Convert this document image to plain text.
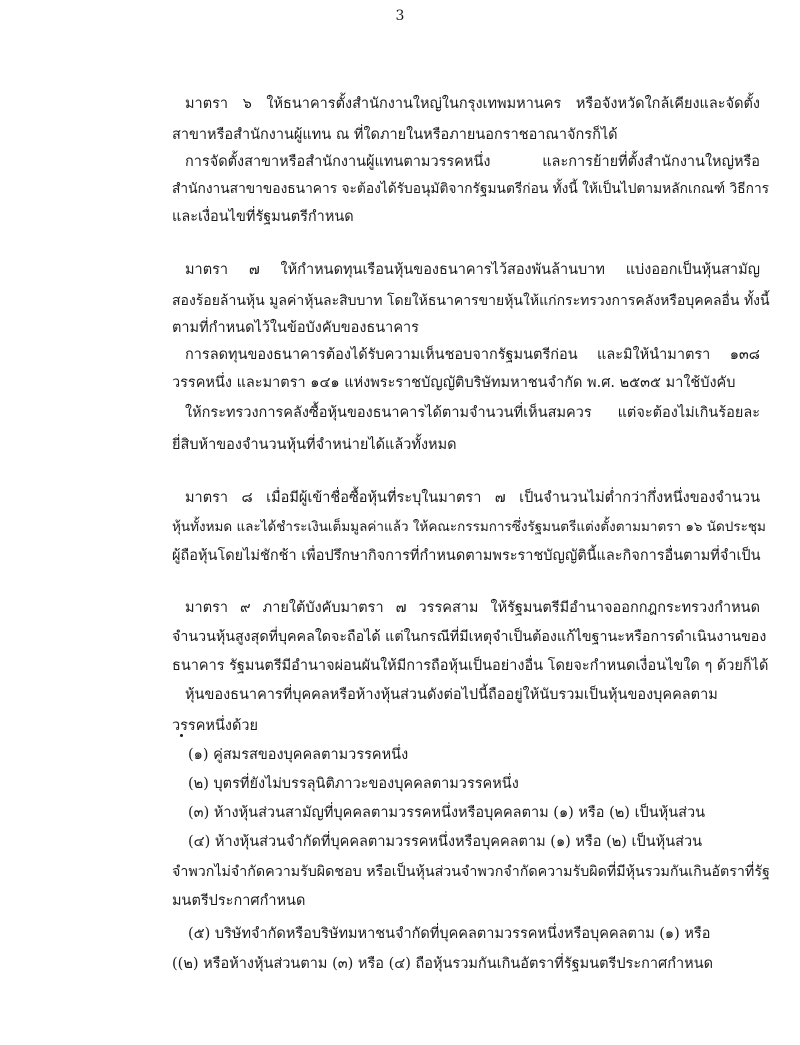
3
มาตรา ๖ ให้ธนาคารตั้งสำนักงานใหญ่ในกรุงเทพมหานคร หรือจังหวัดใกล้เคียงและจัดตั้ง
สาขาหรือสำนักงานผู้แทน ณ ที่ใดภายในหรือภายนอกราชอาณาจักรก็ได้
การจัดตั้งสาขาหรือสำนักงานผู้แทนตามวรรคหนึ่ง และการย้ายที่ตั้งสำนักงานใหญ่หรือ
สำนักงานสาขาของธนาคาร จะต้องได้รับอนุมัติจากรัฐมนตรีก่อน ทั้งนี้ ให้เป็นไปตามหลักเกณฑ์ วิธีการ
และเงื่อนไขที่รัฐมนตรีกำหนด
มาตรา ๗ ให้กำหนดทุนเรือนหุ้นของธนาคารไว้สองพันล้านบาท แบ่งออกเป็นหุ้นสามัญ
สองร้อยล้านหุ้น มูลค่าหุ้นละสิบบาท โดยให้ธนาคารขายหุ้นให้แก่กระทรวงการคลังหรือบุคคลอื่น ทั้งนี้
ตามที่กำหนดไว้ในข้อบังคับของธนาคาร
การลดทุนของธนาคารต้องได้รับความเห็นชอบจากรัฐมนตรีก่อน และมิให้นำมาตรา ๑๓๘
วรรคหนึ่ง และมาตรา ๑๔๑ แห่งพระราชบัญญัติบริษัทมหาชนจำกัด พ.ศ. ๒๕๓๕ มาใช้บังคับ
ให้กระทรวงการคลังซื้อหุ้นของธนาคารได้ตามจำนวนที่เห็นสมควร แต่จะต้องไม่เกินร้อยละ
ยี่สิบห้าของจำนวนหุ้นที่จำหน่ายได้แล้วทั้งหมด
มาตรา ๘ เมื่อมีผู้เข้าชื่อซื้อหุ้นที่ระบุในมาตรา ๗ เป็นจำนวนไม่ต่ำกว่ากึ่งหนึ่งของจำนวน
หุ้นทั้งหมด และได้ชำระเงินเต็มมูลค่าแล้ว ให้คณะกรรมการซึ่งรัฐมนตรีแต่งตั้งตามมาตรา ๑๖ นัดประชุม
ผู้ถือหุ้นโดยไม่ชักช้า เพื่อปรึกษากิจการที่กำหนดตามพระราชบัญญัตินี้และกิจการอื่นตามที่จำเป็น
มาตรา ๙ ภายใต้บังคับมาตรา ๗ วรรคสาม ให้รัฐมนตรีมีอำนาจออกกฎกระทรวงกำหนด
จำนวนหุ้นสูงสุดที่บุคคลใดจะถือได้ แต่ในกรณีที่มีเหตุจำเป็นต้องแก้ไขฐานะหรือการดำเนินงานของ
ธนาคาร รัฐมนตรีมีอำนาจผ่อนผันให้มีการถือหุ้นเป็นอย่างอื่น โดยจะกำหนดเงื่อนไขใด ๆ ด้วยก็ได้
หุ้นของธนาคารที่บุคคลหรือห้างหุ้นส่วนดังต่อไปนี้ถืออยู่ให้นับรวมเป็นหุ้นของบุคคลตาม
วรรคหนึ่งด้วย
(๑) คู่สมรสของบุคคลตามวรรคหนึ่ง
(๒) บุตรที่ยังไม่บรรลุนิติภาวะของบุคคลตามวรรคหนึ่ง
(๓) ห้างหุ้นส่วนสามัญที่บุคคลตามวรรคหนึ่งหรือบุคคลตาม (๑) หรือ (๒) เป็นหุ้นส่วน
(๔) ห้างหุ้นส่วนจำกัดที่บุคคลตามวรรคหนึ่งหรือบุคคลตาม (๑) หรือ (๒) เป็นหุ้นส่วน
จำพวกไม่จำกัดความรับผิดชอบ หรือเป็นหุ้นส่วนจำพวกจำกัดความรับผิดที่มีหุ้นรวมกันเกินอัตราที่รัฐ
มนตรีประกาศกำหนด
(๕) บริษัทจำกัดหรือบริษัทมหาชนจำกัดที่บุคคลตามวรรคหนึ่งหรือบุคคลตาม (๑) หรือ
((๒) หรือห้างหุ้นส่วนตาม (๓) หรือ (๔) ถือหุ้นรวมกันเกินอัตราที่รัฐมนตรีประกาศกำหนด
